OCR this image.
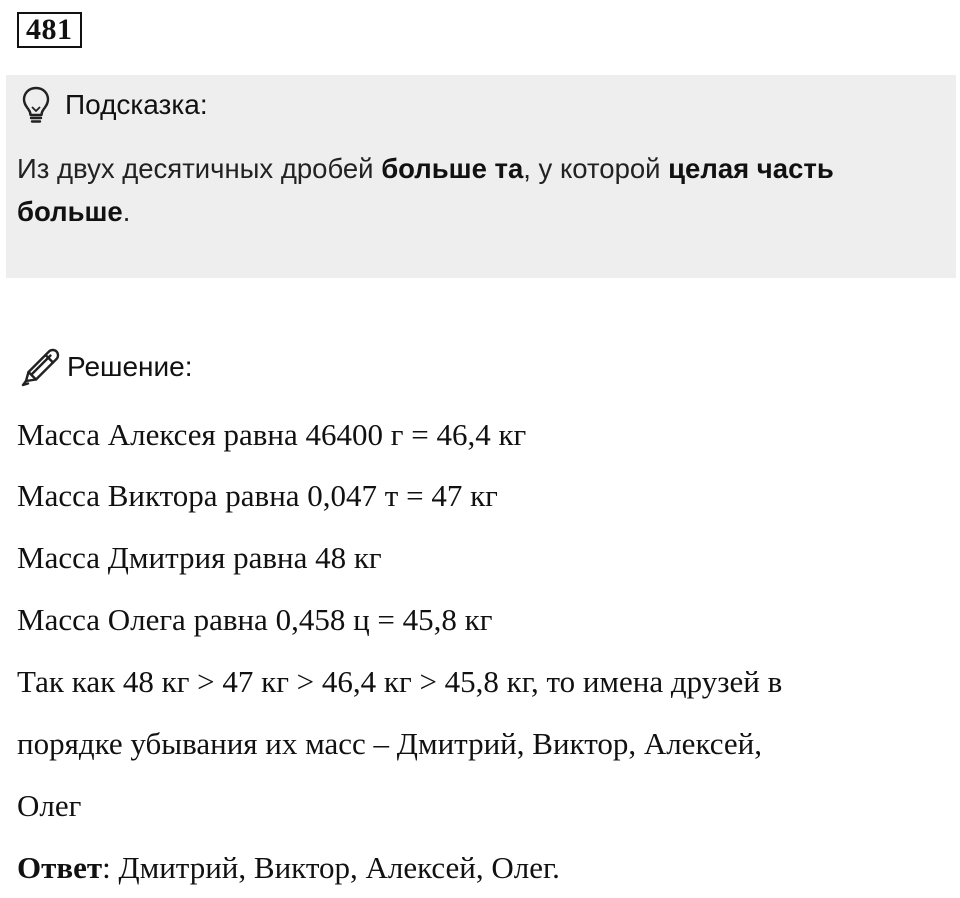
481
Подсказка:

Из двух десятичных дробей больше та, у которой целая часть больше.

Решение:

Масса Алексея равна 46400 г = 46,4 кг

Масса Виктора равна 0,047 т = 47 кг

Масса Дмитрия равна 48 кг

Масса Олега равна 0,458 ц = 45,8 кг

Так как 48 кг > 47 кг > 46,4 кг > 45,8 кг, то имена друзей в

порядке убывания их масс – Дмитрий, Виктор, Алексей,

Олег

Ответ: Дмитрий, Виктор, Алексей, Олег.
